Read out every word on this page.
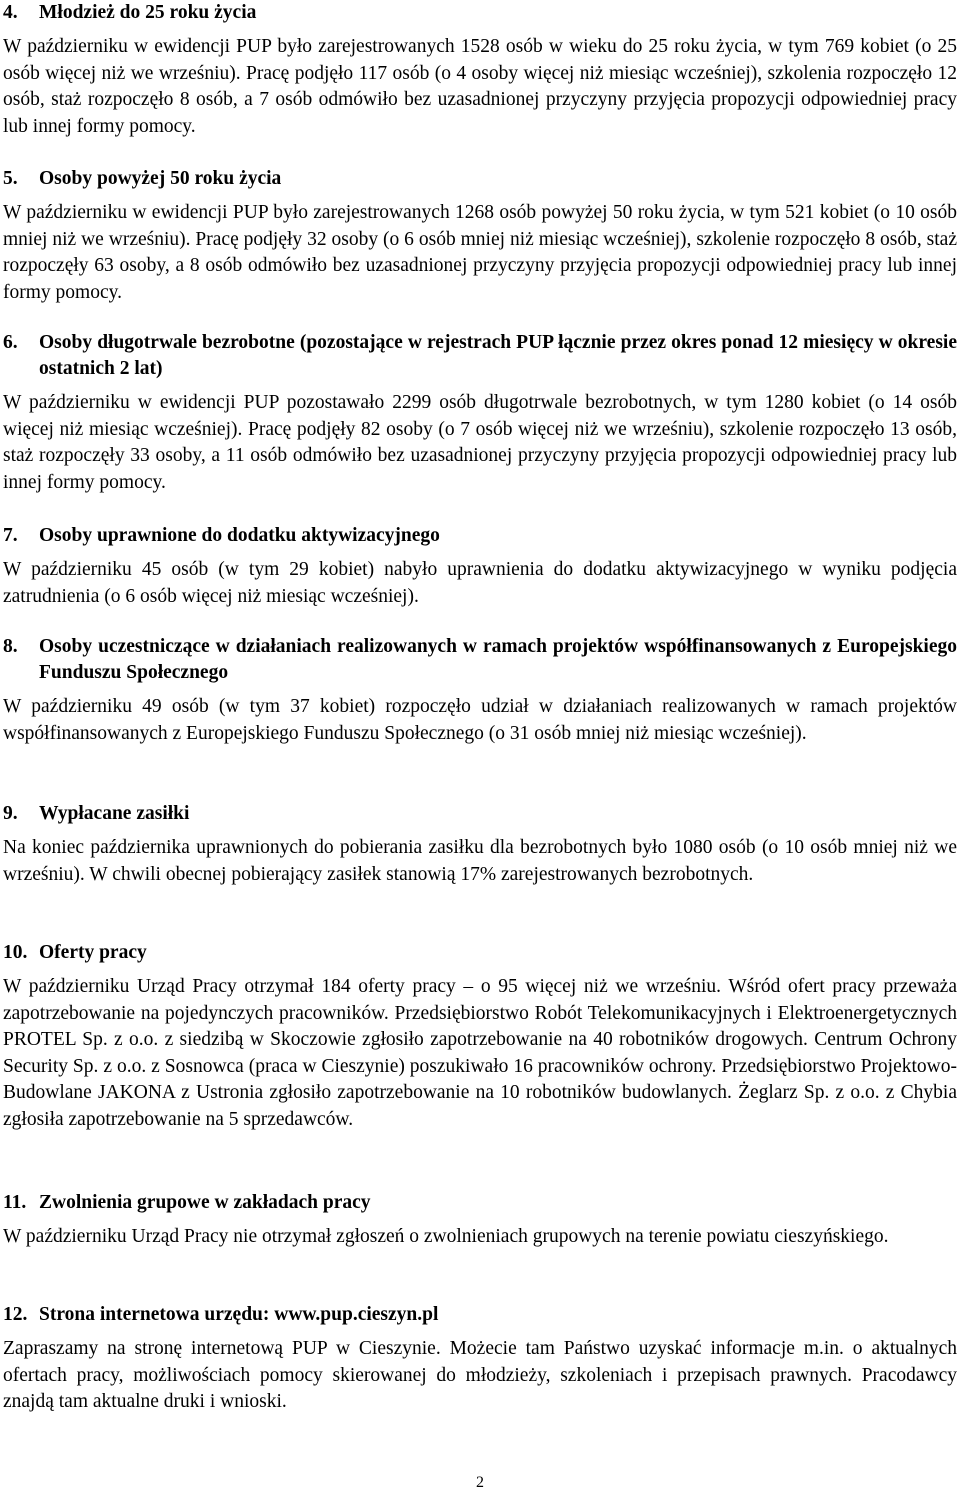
4.	Młodzież do 25 roku życia

W październiku w ewidencji PUP było zarejestrowanych 1528 osób w wieku do 25 roku życia, w tym 769 kobiet (o 25 osób więcej niż we wrześniu). Pracę podjęło 117 osób (o 4 osoby więcej niż miesiąc wcześniej), szkolenia rozpoczęło 12 osób, staż rozpoczęło 8 osób, a 7 osób odmówiło bez uzasadnionej przyczyny przyjęcia propozycji odpowiedniej pracy lub innej formy pomocy.

5.	Osoby powyżej 50 roku życia

W październiku w ewidencji PUP było zarejestrowanych 1268 osób powyżej 50 roku życia, w tym 521 kobiet (o 10 osób mniej niż we wrześniu). Pracę podjęły 32 osoby (o 6 osób mniej niż miesiąc wcześniej), szkolenie rozpoczęło 8 osób, staż rozpoczęły 63 osoby, a 8 osób odmówiło bez uzasadnionej przyczyny przyjęcia propozycji odpowiedniej pracy lub innej formy pomocy.

6.	Osoby długotrwale bezrobotne (pozostające w rejestrach PUP łącznie przez okres ponad 12 miesięcy w okresie ostatnich 2 lat)

W październiku w ewidencji PUP pozostawało 2299 osób długotrwale bezrobotnych, w tym 1280 kobiet (o 14 osób więcej niż miesiąc wcześniej). Pracę podjęły 82 osoby (o 7 osób więcej niż we wrześniu), szkolenie rozpoczęło 13 osób, staż rozpoczęły 33 osoby, a 11 osób odmówiło bez uzasadnionej przyczyny przyjęcia propozycji odpowiedniej pracy lub innej formy pomocy.

7.	Osoby uprawnione do dodatku aktywizacyjnego

W październiku 45 osób (w tym 29 kobiet) nabyło uprawnienia do dodatku aktywizacyjnego w wyniku podjęcia zatrudnienia (o 6 osób więcej niż miesiąc wcześniej).

8.	Osoby uczestniczące w działaniach realizowanych w ramach projektów współfinansowanych z Europejskiego Funduszu Społecznego

W październiku 49 osób (w tym 37 kobiet) rozpoczęło udział w działaniach realizowanych w ramach projektów współfinansowanych z Europejskiego Funduszu Społecznego (o 31 osób mniej niż miesiąc wcześniej).

9.	Wypłacane zasiłki

Na koniec października uprawnionych do pobierania zasiłku dla bezrobotnych było 1080 osób (o 10 osób mniej niż we wrześniu). W chwili obecnej pobierający zasiłek stanowią 17% zarejestrowanych bezrobotnych.

10. Oferty pracy

W październiku Urząd Pracy otrzymał 184 oferty pracy – o 95 więcej niż we wrześniu. Wśród ofert pracy przeważa zapotrzebowanie na pojedynczych pracowników. Przedsiębiorstwo Robót Telekomunikacyjnych i Elektroenergetycznych PROTEL Sp. z o.o. z siedzibą w Skoczowie zgłosiło zapotrzebowanie na 40 robotników drogowych. Centrum Ochrony Security Sp. z o.o. z Sosnowca (praca w Cieszynie) poszukiwało 16 pracowników ochrony. Przedsiębiorstwo Projektowo-Budowlane JAKONA z Ustronia zgłosiło zapotrzebowanie na 10 robotników budowlanych. Żeglarz Sp. z o.o. z Chybia zgłosiła zapotrzebowanie na 5 sprzedawców.

11. Zwolnienia grupowe w zakładach pracy

W październiku Urząd Pracy nie otrzymał zgłoszeń o zwolnieniach grupowych na terenie powiatu cieszyńskiego.

12. Strona internetowa urzędu: www.pup.cieszyn.pl

Zapraszamy na stronę internetową PUP w Cieszynie. Możecie tam Państwo uzyskać informacje m.in. o aktualnych ofertach pracy, możliwościach pomocy skierowanej do młodzieży, szkoleniach i przepisach prawnych. Pracodawcy znajdą tam aktualne druki i wnioski.

2
